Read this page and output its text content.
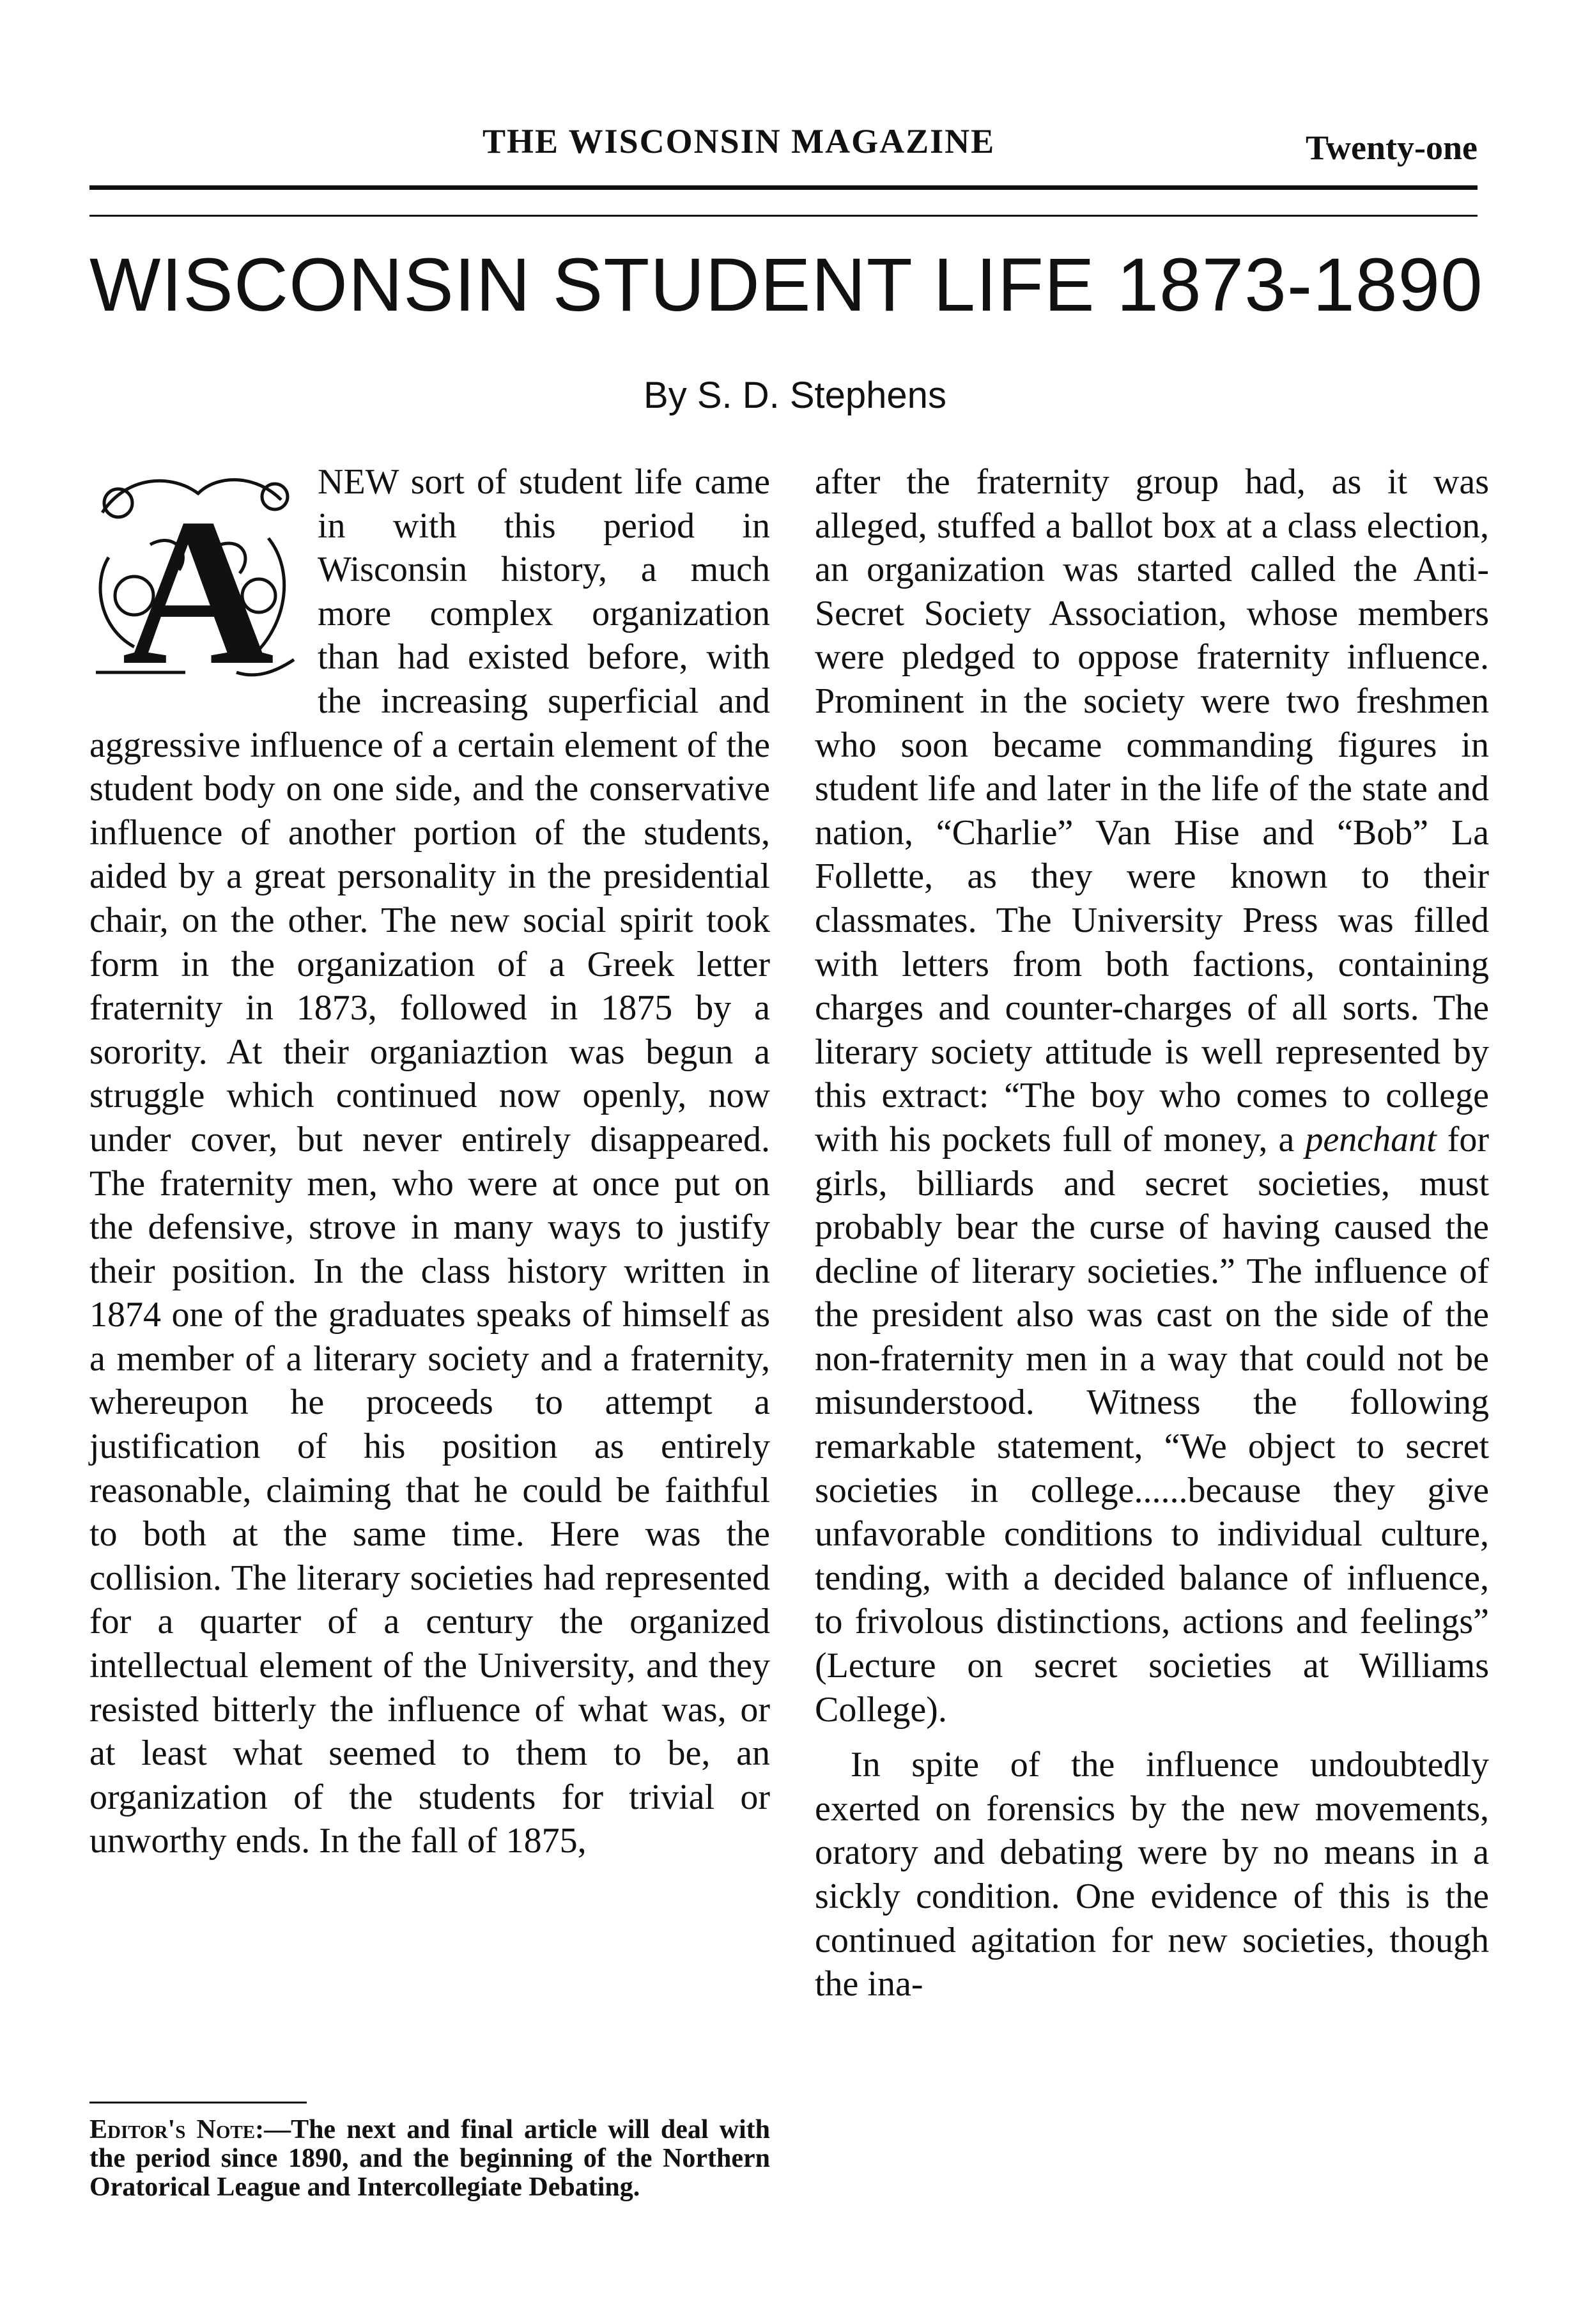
THE WISCONSIN MAGAZINE	Twenty-one
WISCONSIN STUDENT LIFE 1873-1890
By S. D. Stephens
A	NEW sort of student life came in with this period in Wisconsin history, a much more complex organization than had existed before, with the increasing superficial and aggressive influence of a certain element of the student body on one side, and the conservative influence of another portion of the students, aided by a great personality in the presidential chair, on the other. The new social spirit took form in the organization of a Greek letter fraternity in 1873, followed in 1875 by a sorority. At their organiaztion was begun a struggle which continued now openly, now under cover, but never entirely disappeared. The fraternity men, who were at once put on the defensive, strove in many ways to justify their position. In the class history written in 1874 one of the graduates speaks of himself as a member of a literary society and a fraternity, whereupon he proceeds to attempt a justification of his position as entirely reasonable, claiming that he could be faithful to both at the same time. Here was the collision. The literary societies had represented for a quarter of a century the organized intellectual element of the University, and they resisted bitterly the influence of what was, or at least what seemed to them to be, an organization of the students for trivial or unworthy ends. In the fall of 1875,

after the fraternity group had, as it was alleged, stuffed a ballot box at a class election, an organization was started called the Anti-Secret Society Association, whose members were pledged to oppose fraternity influence. Prominent in the society were two freshmen who soon became commanding figures in student life and later in the life of the state and nation, “Charlie” Van Hise and “Bob” La Follette, as they were known to their classmates. The University Press was filled with letters from both factions, containing charges and counter-charges of all sorts. The literary society attitude is well represented by this extract: “The boy who comes to college with his pockets full of money, a penchant for girls, billiards and secret societies, must probably bear the curse of having caused the decline of literary societies.” The influence of the president also was cast on the side of the non-fraternity men in a way that could not be misunderstood. Witness the following remarkable statement, “We object to secret societies in college......because they give unfavorable conditions to individual culture, tending, with a decided balance of influence, to frivolous distinctions, actions and feelings” (Lecture on secret societies at Williams College).

In spite of the influence undoubtedly exerted on forensics by the new movements, oratory and debating were by no means in a sickly condition. One evidence of this is the continued agitation for new societies, though the ina-

Editor's Note:—The next and final article will deal with the period since 1890, and the beginning of the Northern Oratorical League and Intercollegiate Debating.
